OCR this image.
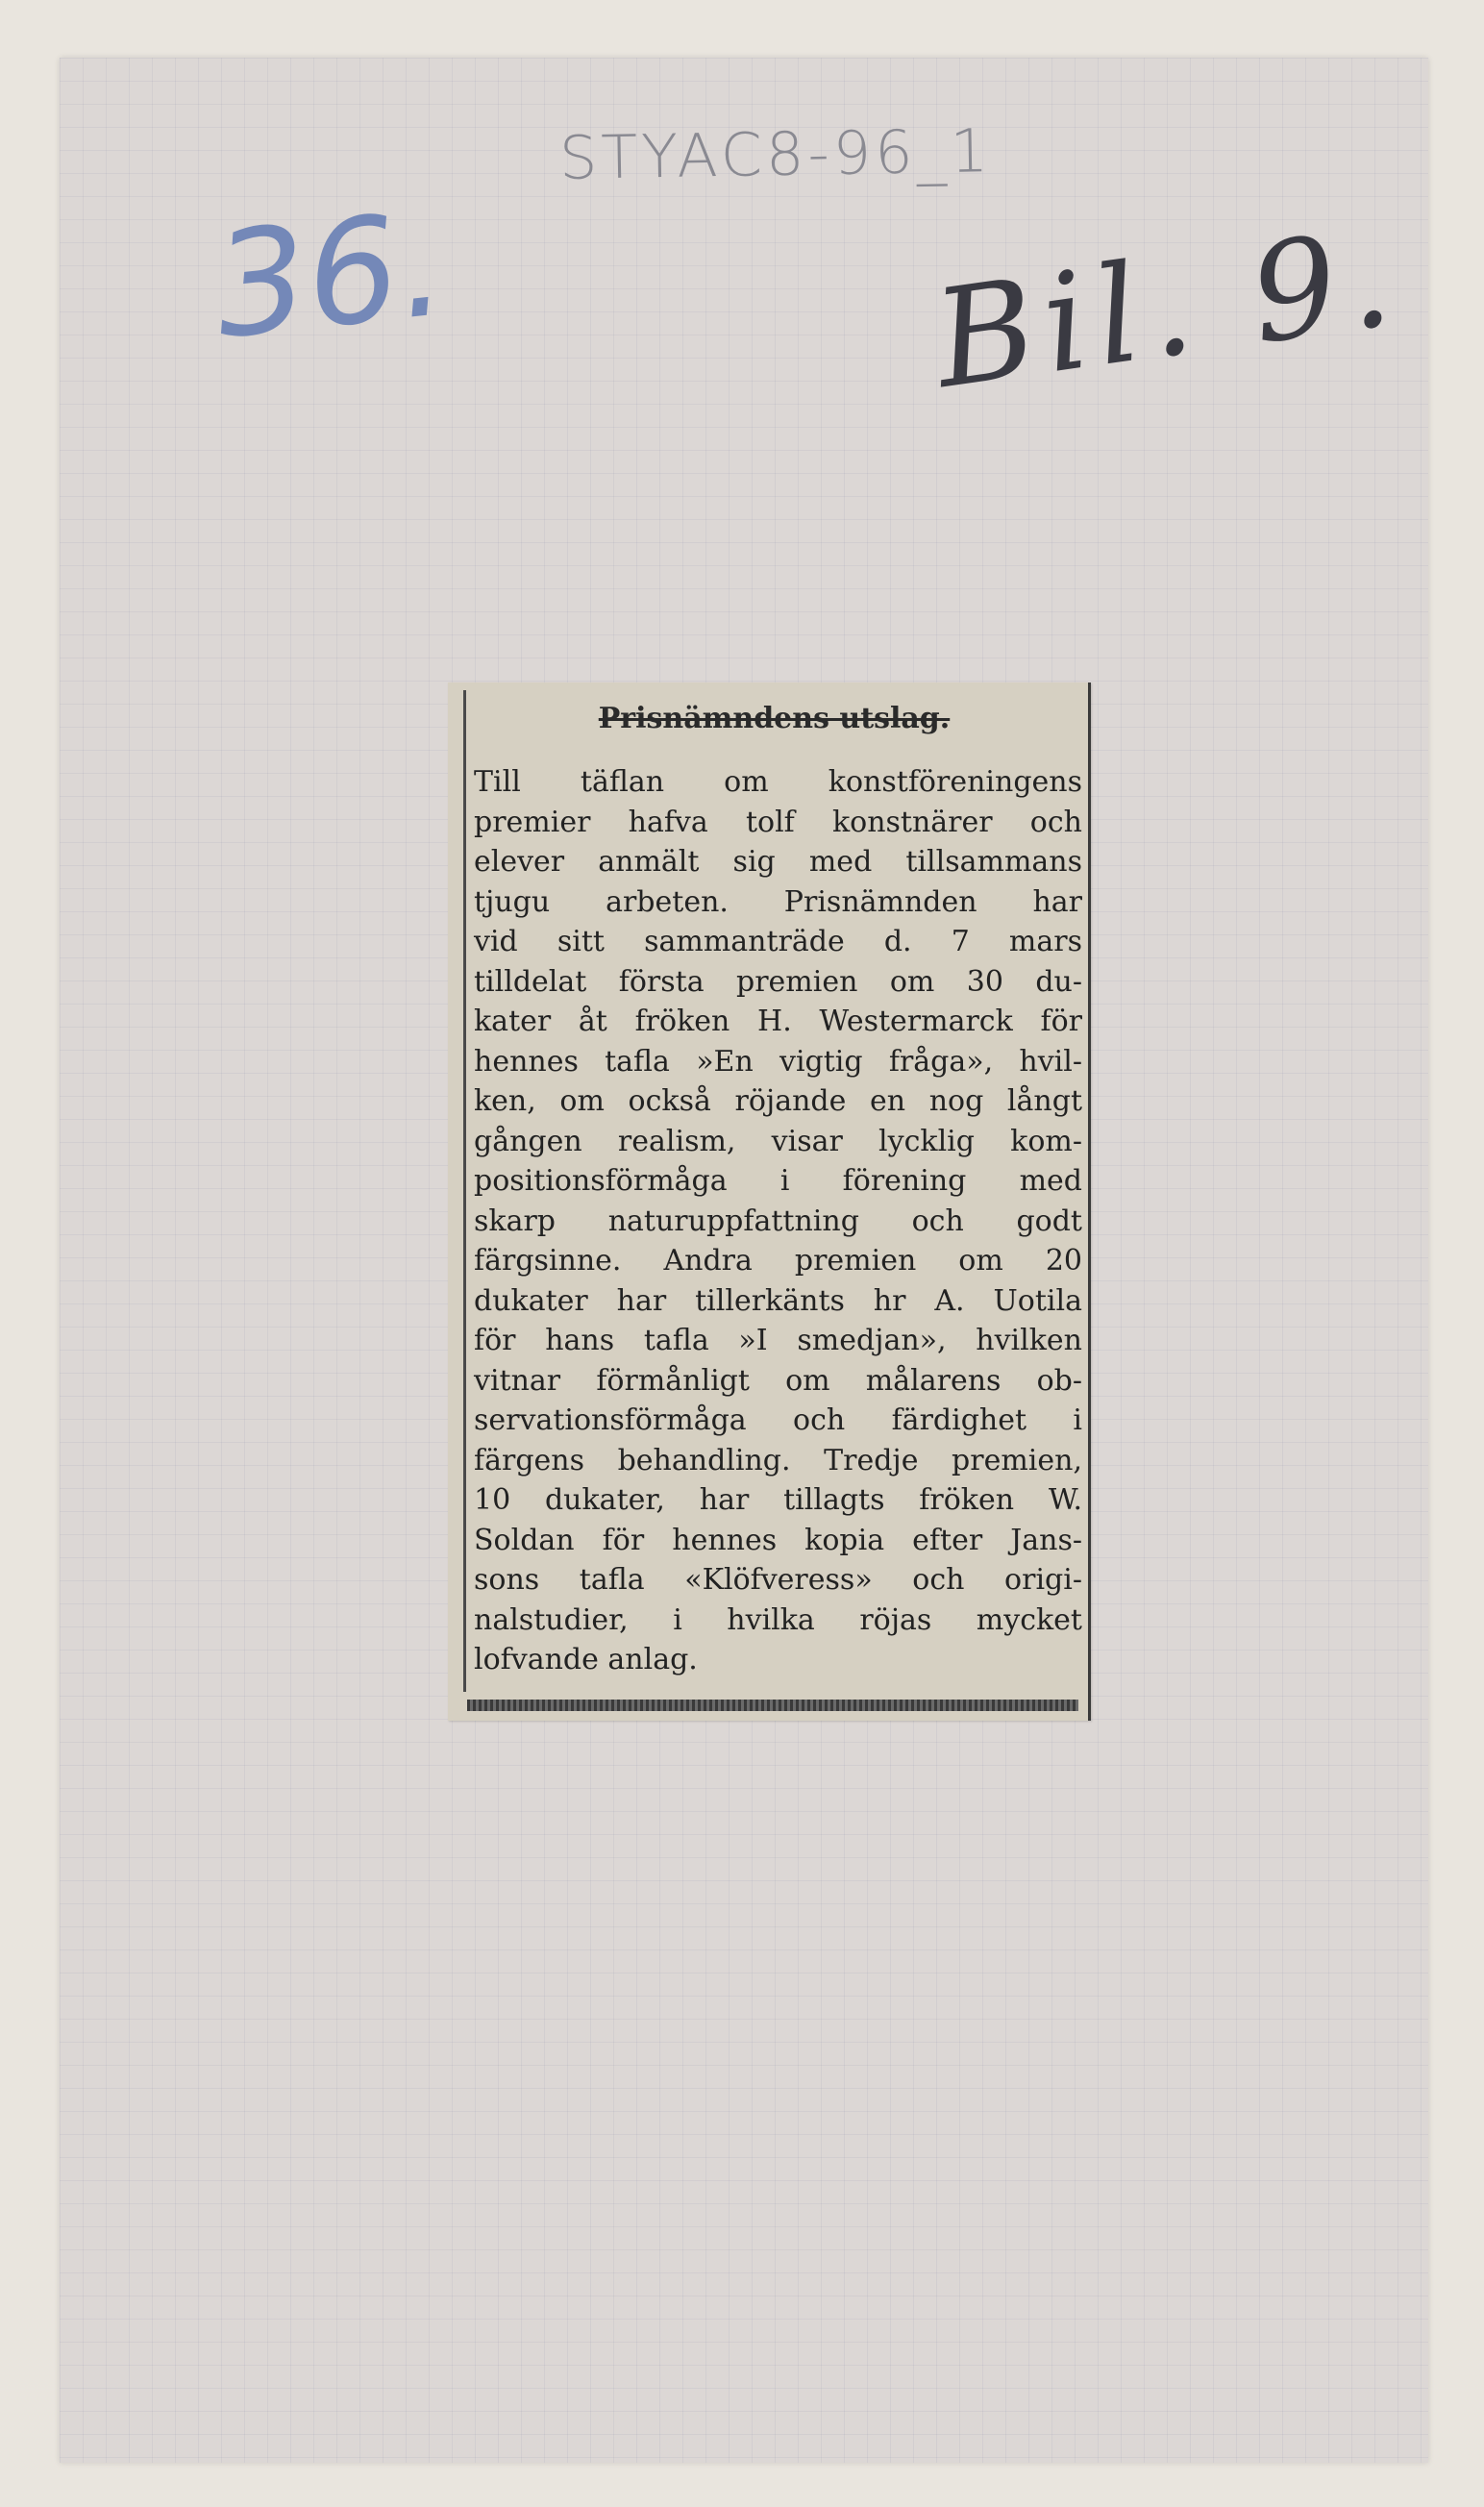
STYAC8-96_1
36.	Bil. 9.
Prisnämndens utslag.
Till täflan om konstföreningens
premier hafva tolf konstnärer och
elever anmält sig med tillsammans
tjugu arbeten. Prisnämnden har
vid sitt sammanträde d. 7 mars
tilldelat första premien om 30 du-
kater åt fröken H. Westermarck för
hennes tafla »En vigtig fråga», hvil-
ken, om också röjande en nog långt
gången realism, visar lycklig kom-
positionsförmåga i förening med
skarp naturuppfattning och godt
färgsinne. Andra premien om 20
dukater har tillerkänts hr A. Uotila
för hans tafla »I smedjan», hvilken
vitnar förmånligt om målarens ob-
servationsförmåga och färdighet i
färgens behandling. Tredje premien,
10 dukater, har tillagts fröken W.
Soldan för hennes kopia efter Jans-
sons tafla «Klöfveress» och origi-
nalstudier, i hvilka röjas mycket
lofvande anlag.
